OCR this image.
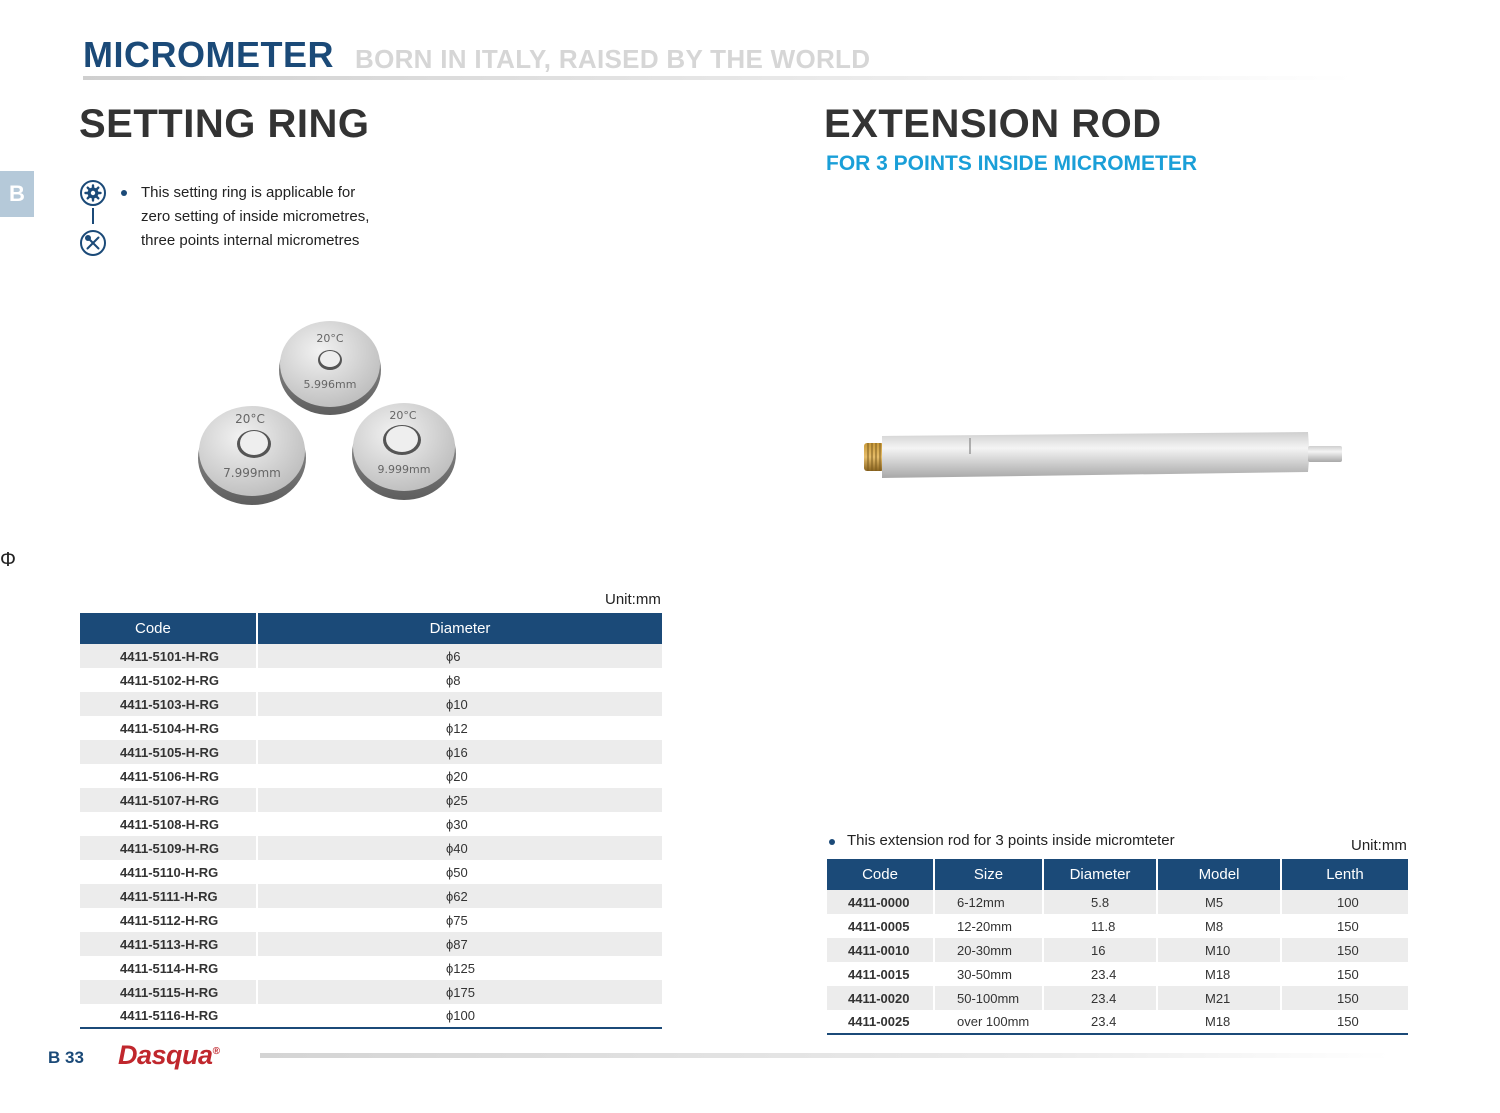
MICROMETER BORN IN ITALY, RAISED BY THE WORLD
B
Φ
SETTING RING
This setting ring is applicable for
zero setting of inside micrometres,
three points internal micrometres
20°C
5.996mm
20°C
7.999mm
20°C
9.999mm
Unit:mm
Code	Diameter
4411-5101-H-RG	ϕ6
4411-5102-H-RG	ϕ8
4411-5103-H-RG	ϕ10
4411-5104-H-RG	ϕ12
4411-5105-H-RG	ϕ16
4411-5106-H-RG	ϕ20
4411-5107-H-RG	ϕ25
4411-5108-H-RG	ϕ30
4411-5109-H-RG	ϕ40
4411-5110-H-RG	ϕ50
4411-5111-H-RG	ϕ62
4411-5112-H-RG	ϕ75
4411-5113-H-RG	ϕ87
4411-5114-H-RG	ϕ125
4411-5115-H-RG	ϕ175
4411-5116-H-RG	ϕ100
EXTENSION ROD
FOR 3 POINTS INSIDE MICROMETER
This extension rod for 3 points inside micromteter	Unit:mm
Code	Size	Diameter	Model	Lenth
4411-0000	6-12mm	5.8	M5	100
4411-0005	12-20mm	11.8	M8	150
4411-0010	20-30mm	16	M10	150
4411-0015	30-50mm	23.4	M18	150
4411-0020	50-100mm	23.4	M21	150
4411-0025	over 100mm	23.4	M18	150
B 33 Dasqua®
